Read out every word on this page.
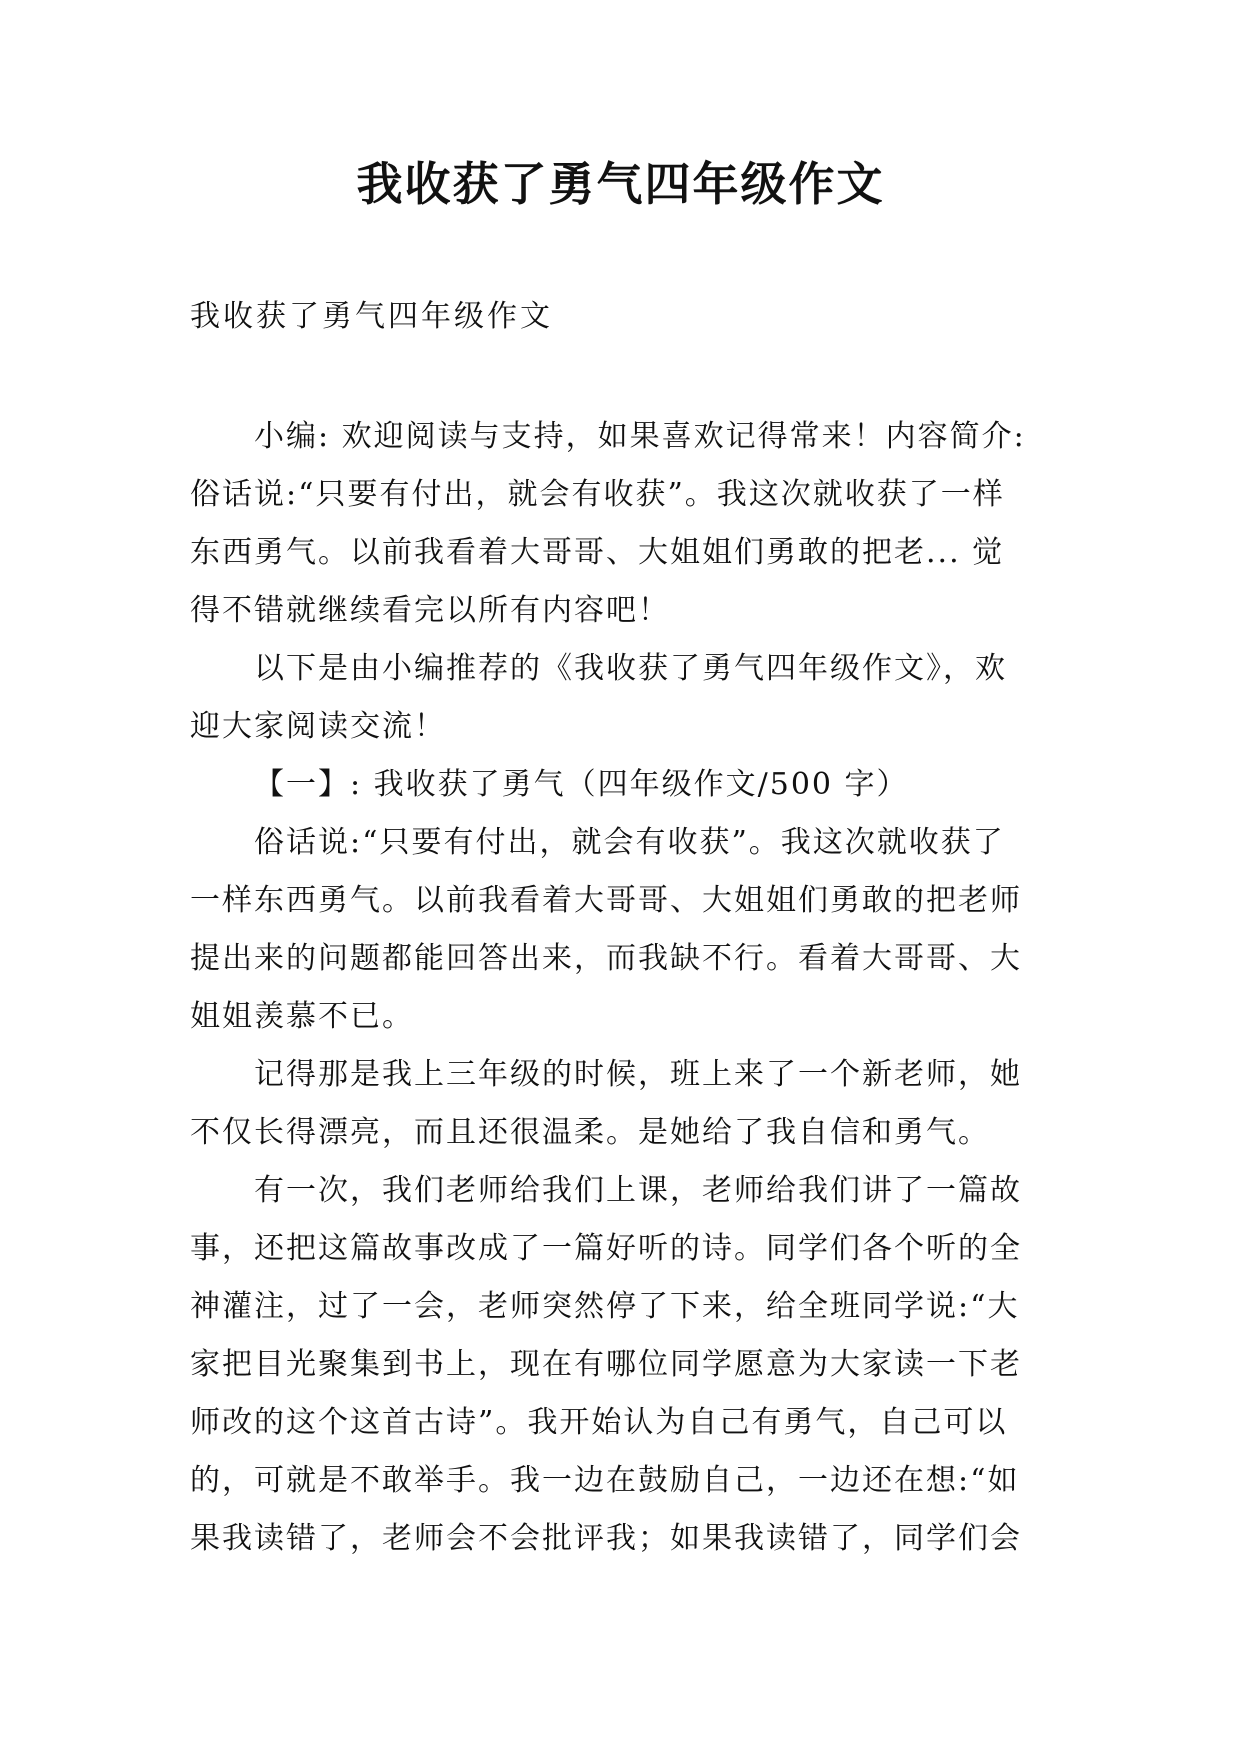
我收获了勇气四年级作文
我收获了勇气四年级作文
小编: 欢迎阅读与支持，如果喜欢记得常来！内容简介:
俗话说:“只要有付出，就会有收获”。我这次就收获了一样
东西勇气。以前我看着大哥哥、大姐姐们勇敢的把老... 觉
得不错就继续看完以所有内容吧！
以下是由小编推荐的《我收获了勇气四年级作文》，欢
迎大家阅读交流！
【一】: 我收获了勇气（四年级作文/500 字）
俗话说:“只要有付出，就会有收获”。我这次就收获了
一样东西勇气。以前我看着大哥哥、大姐姐们勇敢的把老师
提出来的问题都能回答出来，而我缺不行。看着大哥哥、大
姐姐羡慕不已。
记得那是我上三年级的时候，班上来了一个新老师，她
不仅长得漂亮，而且还很温柔。是她给了我自信和勇气。
有一次，我们老师给我们上课，老师给我们讲了一篇故
事，还把这篇故事改成了一篇好听的诗。同学们各个听的全
神灌注，过了一会，老师突然停了下来，给全班同学说:“大
家把目光聚集到书上，现在有哪位同学愿意为大家读一下老
师改的这个这首古诗”。我开始认为自己有勇气，自己可以
的，可就是不敢举手。我一边在鼓励自己，一边还在想:“如
果我读错了，老师会不会批评我；如果我读错了，同学们会
